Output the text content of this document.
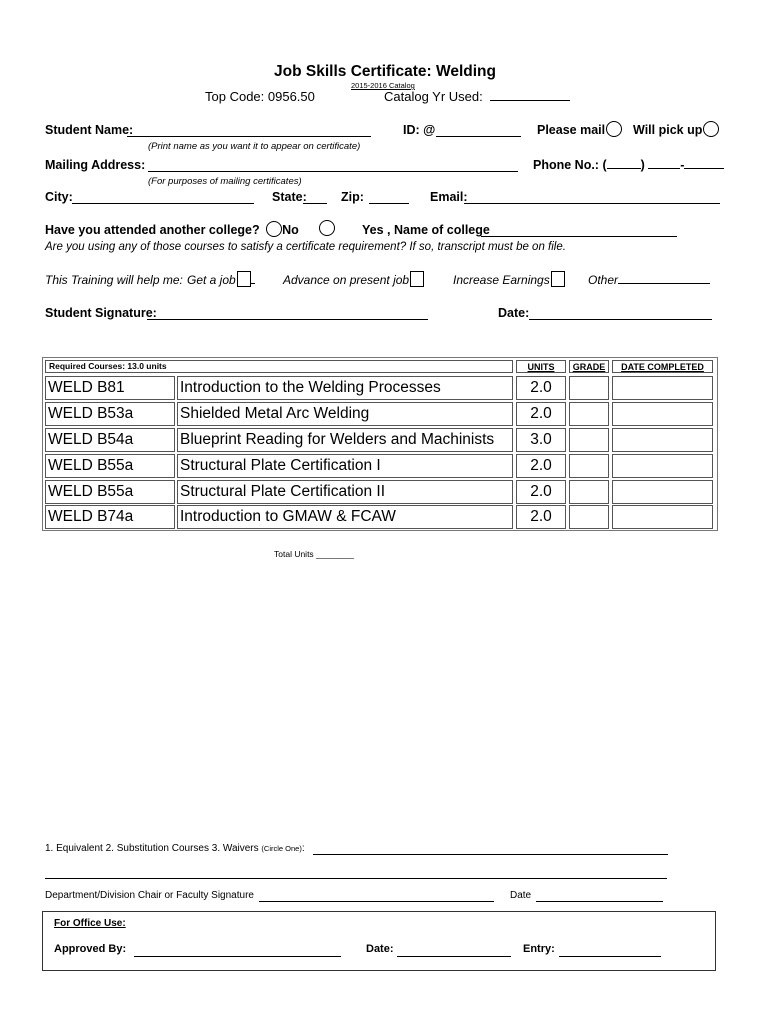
Job Skills Certificate: Welding
2015-2016 Catalog
Top Code: 0956.50	Catalog Yr Used:
Student Name:	ID: @	Please mail	Will pick up
(Print name as you want it to appear on certificate)
Mailing Address:	Phone No.: (	)	-
(For purposes of mailing certificates)
City:	State:	Zip:	Email:
Have you attended another college? No	Yes , Name of college
Are you using any of those courses to satisfy a certificate requirement? If so, transcript must be on file.
This Training will help me: Get a job	Advance on present job	Increase Earnings	Other
Student Signature:	Date:
Required Courses: 13.0 units	UNITS	GRADE	DATE COMPLETED
WELD B81	Introduction to the Welding Processes	2.0
WELD B53a	Shielded Metal Arc Welding	2.0
WELD B54a	Blueprint Reading for Welders and Machinists	3.0
WELD B55a	Structural Plate Certification I	2.0
WELD B55a	Structural Plate Certification II	2.0
WELD B74a	Introduction to GMAW & FCAW	2.0
Total Units ________
1. Equivalent 2. Substitution Courses 3. Waivers (Circle One):
Department/Division Chair or Faculty Signature	Date
For Office Use:
Approved By:	Date:	Entry:
